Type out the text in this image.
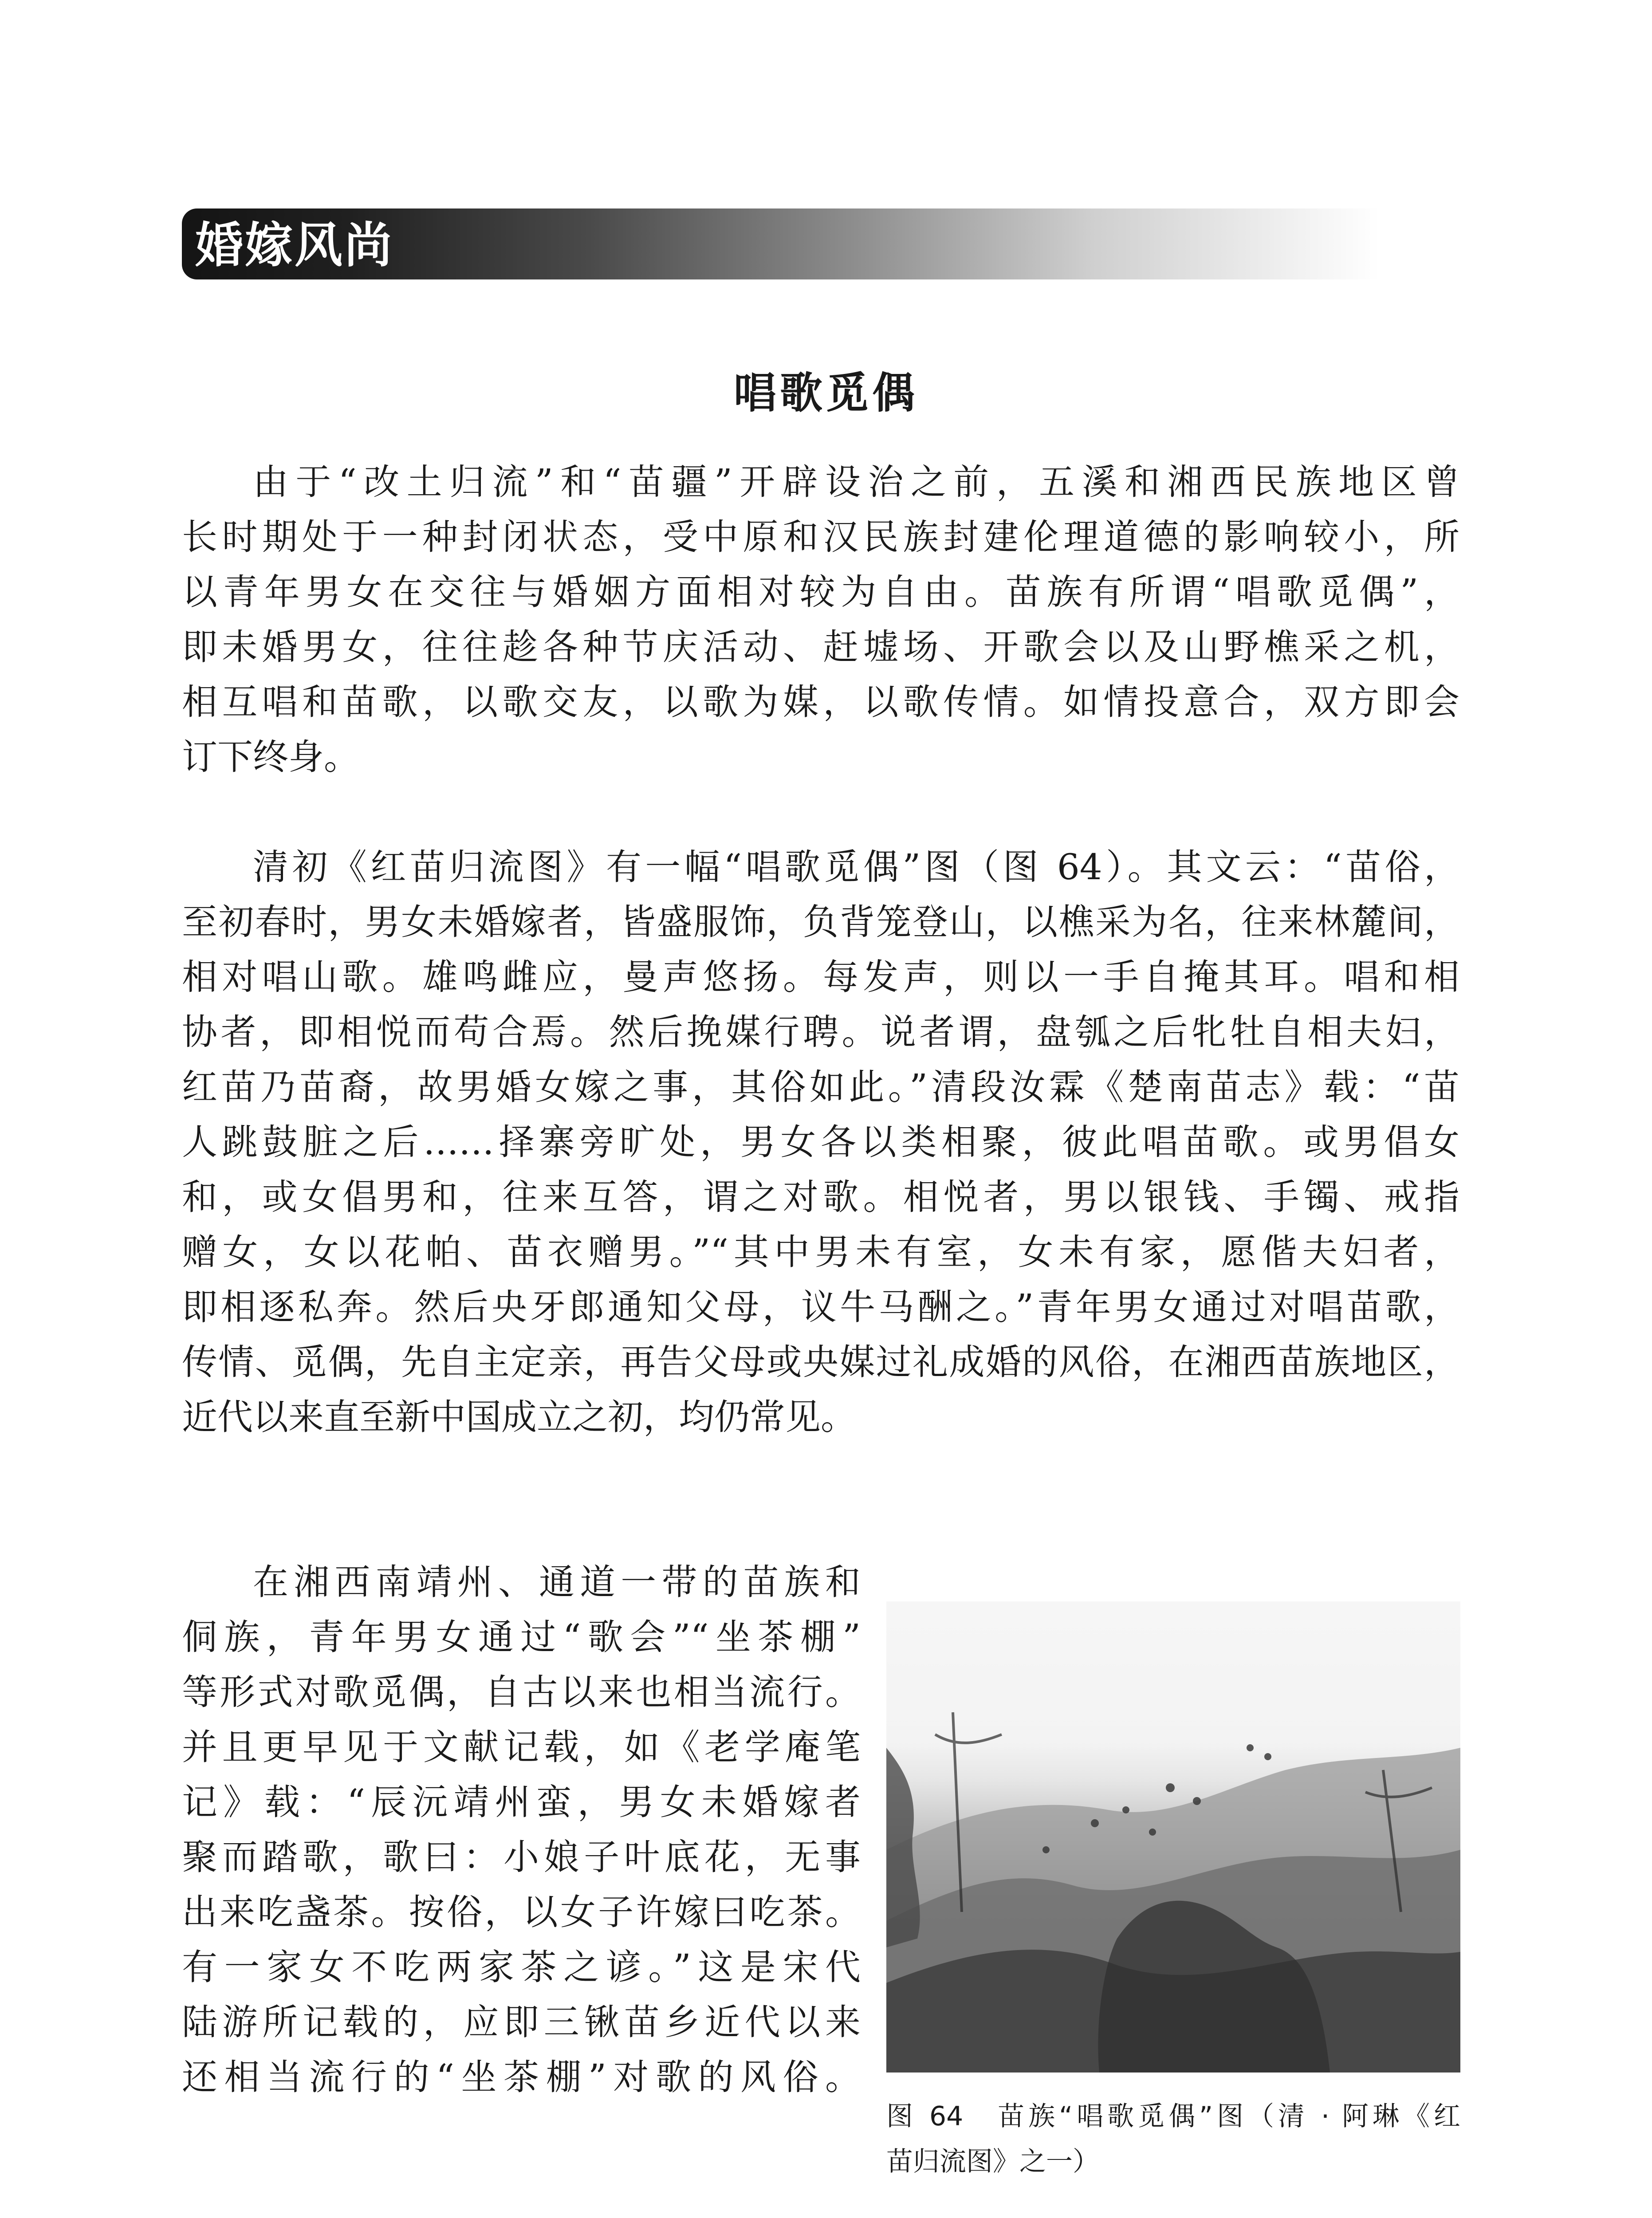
婚嫁风尚
唱歌觅偶
由于“改土归流”和“苗疆”开辟设治之前，五溪和湘西民族地区曾
长时期处于一种封闭状态，受中原和汉民族封建伦理道德的影响较小，所
以青年男女在交往与婚姻方面相对较为自由。苗族有所谓“唱歌觅偶”，
即未婚男女，往往趁各种节庆活动、赶墟场、开歌会以及山野樵采之机，
相互唱和苗歌，以歌交友，以歌为媒，以歌传情。如情投意合，双方即会
订下终身。
清初《红苗归流图》有一幅“唱歌觅偶”图（图 64）。其文云：“苗俗，
至初春时，男女未婚嫁者，皆盛服饰，负背笼登山，以樵采为名，往来林麓间，
相对唱山歌。雄鸣雌应，曼声悠扬。每发声，则以一手自掩其耳。唱和相
协者，即相悦而苟合焉。然后挽媒行聘。说者谓，盘瓠之后牝牡自相夫妇，
红苗乃苗裔，故男婚女嫁之事，其俗如此。”清段汝霖《楚南苗志》载：“苗
人跳鼓脏之后……择寨旁旷处，男女各以类相聚，彼此唱苗歌。或男倡女
和，或女倡男和，往来互答，谓之对歌。相悦者，男以银钱、手镯、戒指
赠女，女以花帕、苗衣赠男。”“其中男未有室，女未有家，愿偕夫妇者，
即相逐私奔。然后央牙郎通知父母，议牛马酬之。”青年男女通过对唱苗歌，
传情、觅偶，先自主定亲，再告父母或央媒过礼成婚的风俗，在湘西苗族地区，
近代以来直至新中国成立之初，均仍常见。
在湘西南靖州、通道一带的苗族和
侗族，青年男女通过“歌会”“坐茶棚”
等形式对歌觅偶，自古以来也相当流行。
并且更早见于文献记载，如《老学庵笔
记》载：“辰沅靖州蛮，男女未婚嫁者
聚而踏歌，歌曰：小娘子叶底花，无事
出来吃盏茶。按俗，以女子许嫁曰吃茶。
有一家女不吃两家茶之谚。”这是宋代
陆游所记载的，应即三锹苗乡近代以来
还相当流行的“坐茶棚”对歌的风俗。
图 64　苗族“唱歌觅偶”图（清 · 阿琳《红
苗归流图》之一）
